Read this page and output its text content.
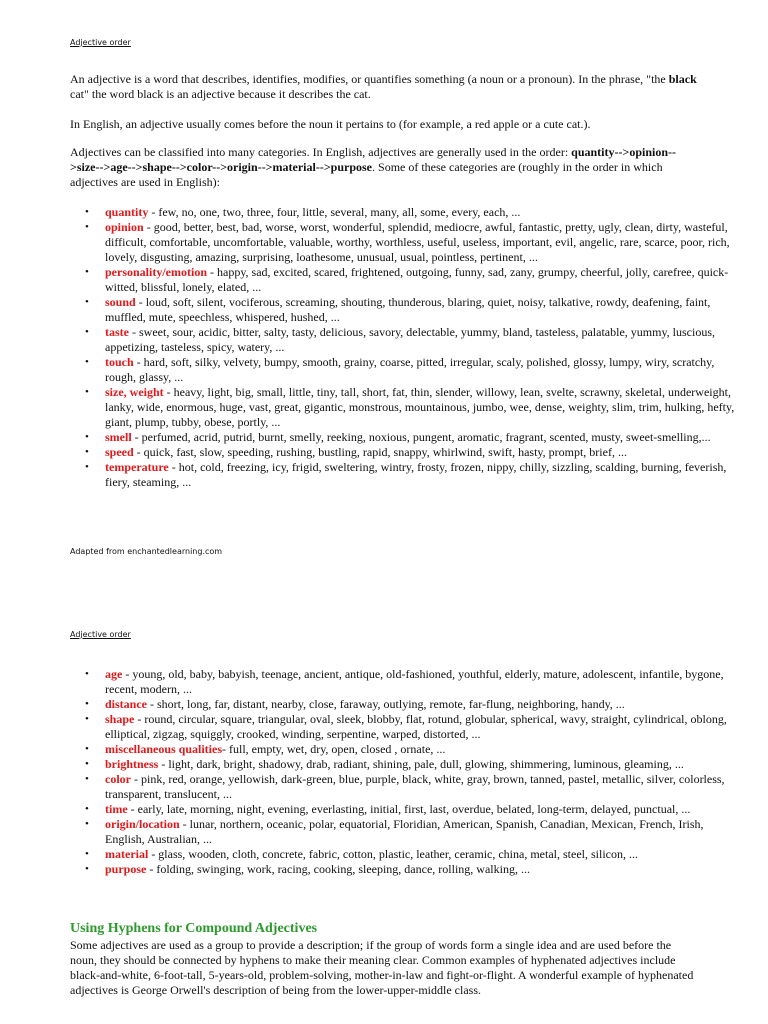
Adjective order
An adjective is a word that describes, identifies, modifies, or quantifies something (a noun or a pronoun). In the phrase, "the black cat" the word black is an adjective because it describes the cat.
In English, an adjective usually comes before the noun it pertains to (for example, a red apple or a cute cat.).
Adjectives can be classified into many categories. In English, adjectives are generally used in the order: quantity-->opinion-->size-->age-->shape-->color-->origin-->material-->purpose. Some of these categories are (roughly in the order in which adjectives are used in English):
• quantity - few, no, one, two, three, four, little, several, many, all, some, every, each, ...
• opinion - good, better, best, bad, worse, worst, wonderful, splendid, mediocre, awful, fantastic, pretty, ugly, clean, dirty, wasteful, difficult, comfortable, uncomfortable, valuable, worthy, worthless, useful, useless, important, evil, angelic, rare, scarce, poor, rich, lovely, disgusting, amazing, surprising, loathesome, unusual, usual, pointless, pertinent, ...
• personality/emotion - happy, sad, excited, scared, frightened, outgoing, funny, sad, zany, grumpy, cheerful, jolly, carefree, quick-witted, blissful, lonely, elated, ...
• sound - loud, soft, silent, vociferous, screaming, shouting, thunderous, blaring, quiet, noisy, talkative, rowdy, deafening, faint, muffled, mute, speechless, whispered, hushed, ...
• taste - sweet, sour, acidic, bitter, salty, tasty, delicious, savory, delectable, yummy, bland, tasteless, palatable, yummy, luscious, appetizing, tasteless, spicy, watery, ...
• touch - hard, soft, silky, velvety, bumpy, smooth, grainy, coarse, pitted, irregular, scaly, polished, glossy, lumpy, wiry, scratchy, rough, glassy, ...
• size, weight - heavy, light, big, small, little, tiny, tall, short, fat, thin, slender, willowy, lean, svelte, scrawny, skeletal, underweight, lanky, wide, enormous, huge, vast, great, gigantic, monstrous, mountainous, jumbo, wee, dense, weighty, slim, trim, hulking, hefty, giant, plump, tubby, obese, portly, ...
• smell - perfumed, acrid, putrid, burnt, smelly, reeking, noxious, pungent, aromatic, fragrant, scented, musty, sweet-smelling,...
• speed - quick, fast, slow, speeding, rushing, bustling, rapid, snappy, whirlwind, swift, hasty, prompt, brief, ...
• temperature - hot, cold, freezing, icy, frigid, sweltering, wintry, frosty, frozen, nippy, chilly, sizzling, scalding, burning, feverish, fiery, steaming, ...
Adapted from enchantedlearning.com
Adjective order
• age - young, old, baby, babyish, teenage, ancient, antique, old-fashioned, youthful, elderly, mature, adolescent, infantile, bygone, recent, modern, ...
• distance - short, long, far, distant, nearby, close, faraway, outlying, remote, far-flung, neighboring, handy, ...
• shape - round, circular, square, triangular, oval, sleek, blobby, flat, rotund, globular, spherical, wavy, straight, cylindrical, oblong, elliptical, zigzag, squiggly, crooked, winding, serpentine, warped, distorted, ...
• miscellaneous qualities- full, empty, wet, dry, open, closed , ornate, ...
• brightness - light, dark, bright, shadowy, drab, radiant, shining, pale, dull, glowing, shimmering, luminous, gleaming, ...
• color - pink, red, orange, yellowish, dark-green, blue, purple, black, white, gray, brown, tanned, pastel, metallic, silver, colorless, transparent, translucent, ...
• time - early, late, morning, night, evening, everlasting, initial, first, last, overdue, belated, long-term, delayed, punctual, ...
• origin/location - lunar, northern, oceanic, polar, equatorial, Floridian, American, Spanish, Canadian, Mexican, French, Irish, English, Australian, ...
• material - glass, wooden, cloth, concrete, fabric, cotton, plastic, leather, ceramic, china, metal, steel, silicon, ...
• purpose - folding, swinging, work, racing, cooking, sleeping, dance, rolling, walking, ...
Using Hyphens for Compound Adjectives
Some adjectives are used as a group to provide a description; if the group of words form a single idea and are used before the noun, they should be connected by hyphens to make their meaning clear. Common examples of hyphenated adjectives include black-and-white, 6-foot-tall, 5-years-old, problem-solving, mother-in-law and fight-or-flight. A wonderful example of hyphenated adjectives is George Orwell's description of being from the lower-upper-middle class.
